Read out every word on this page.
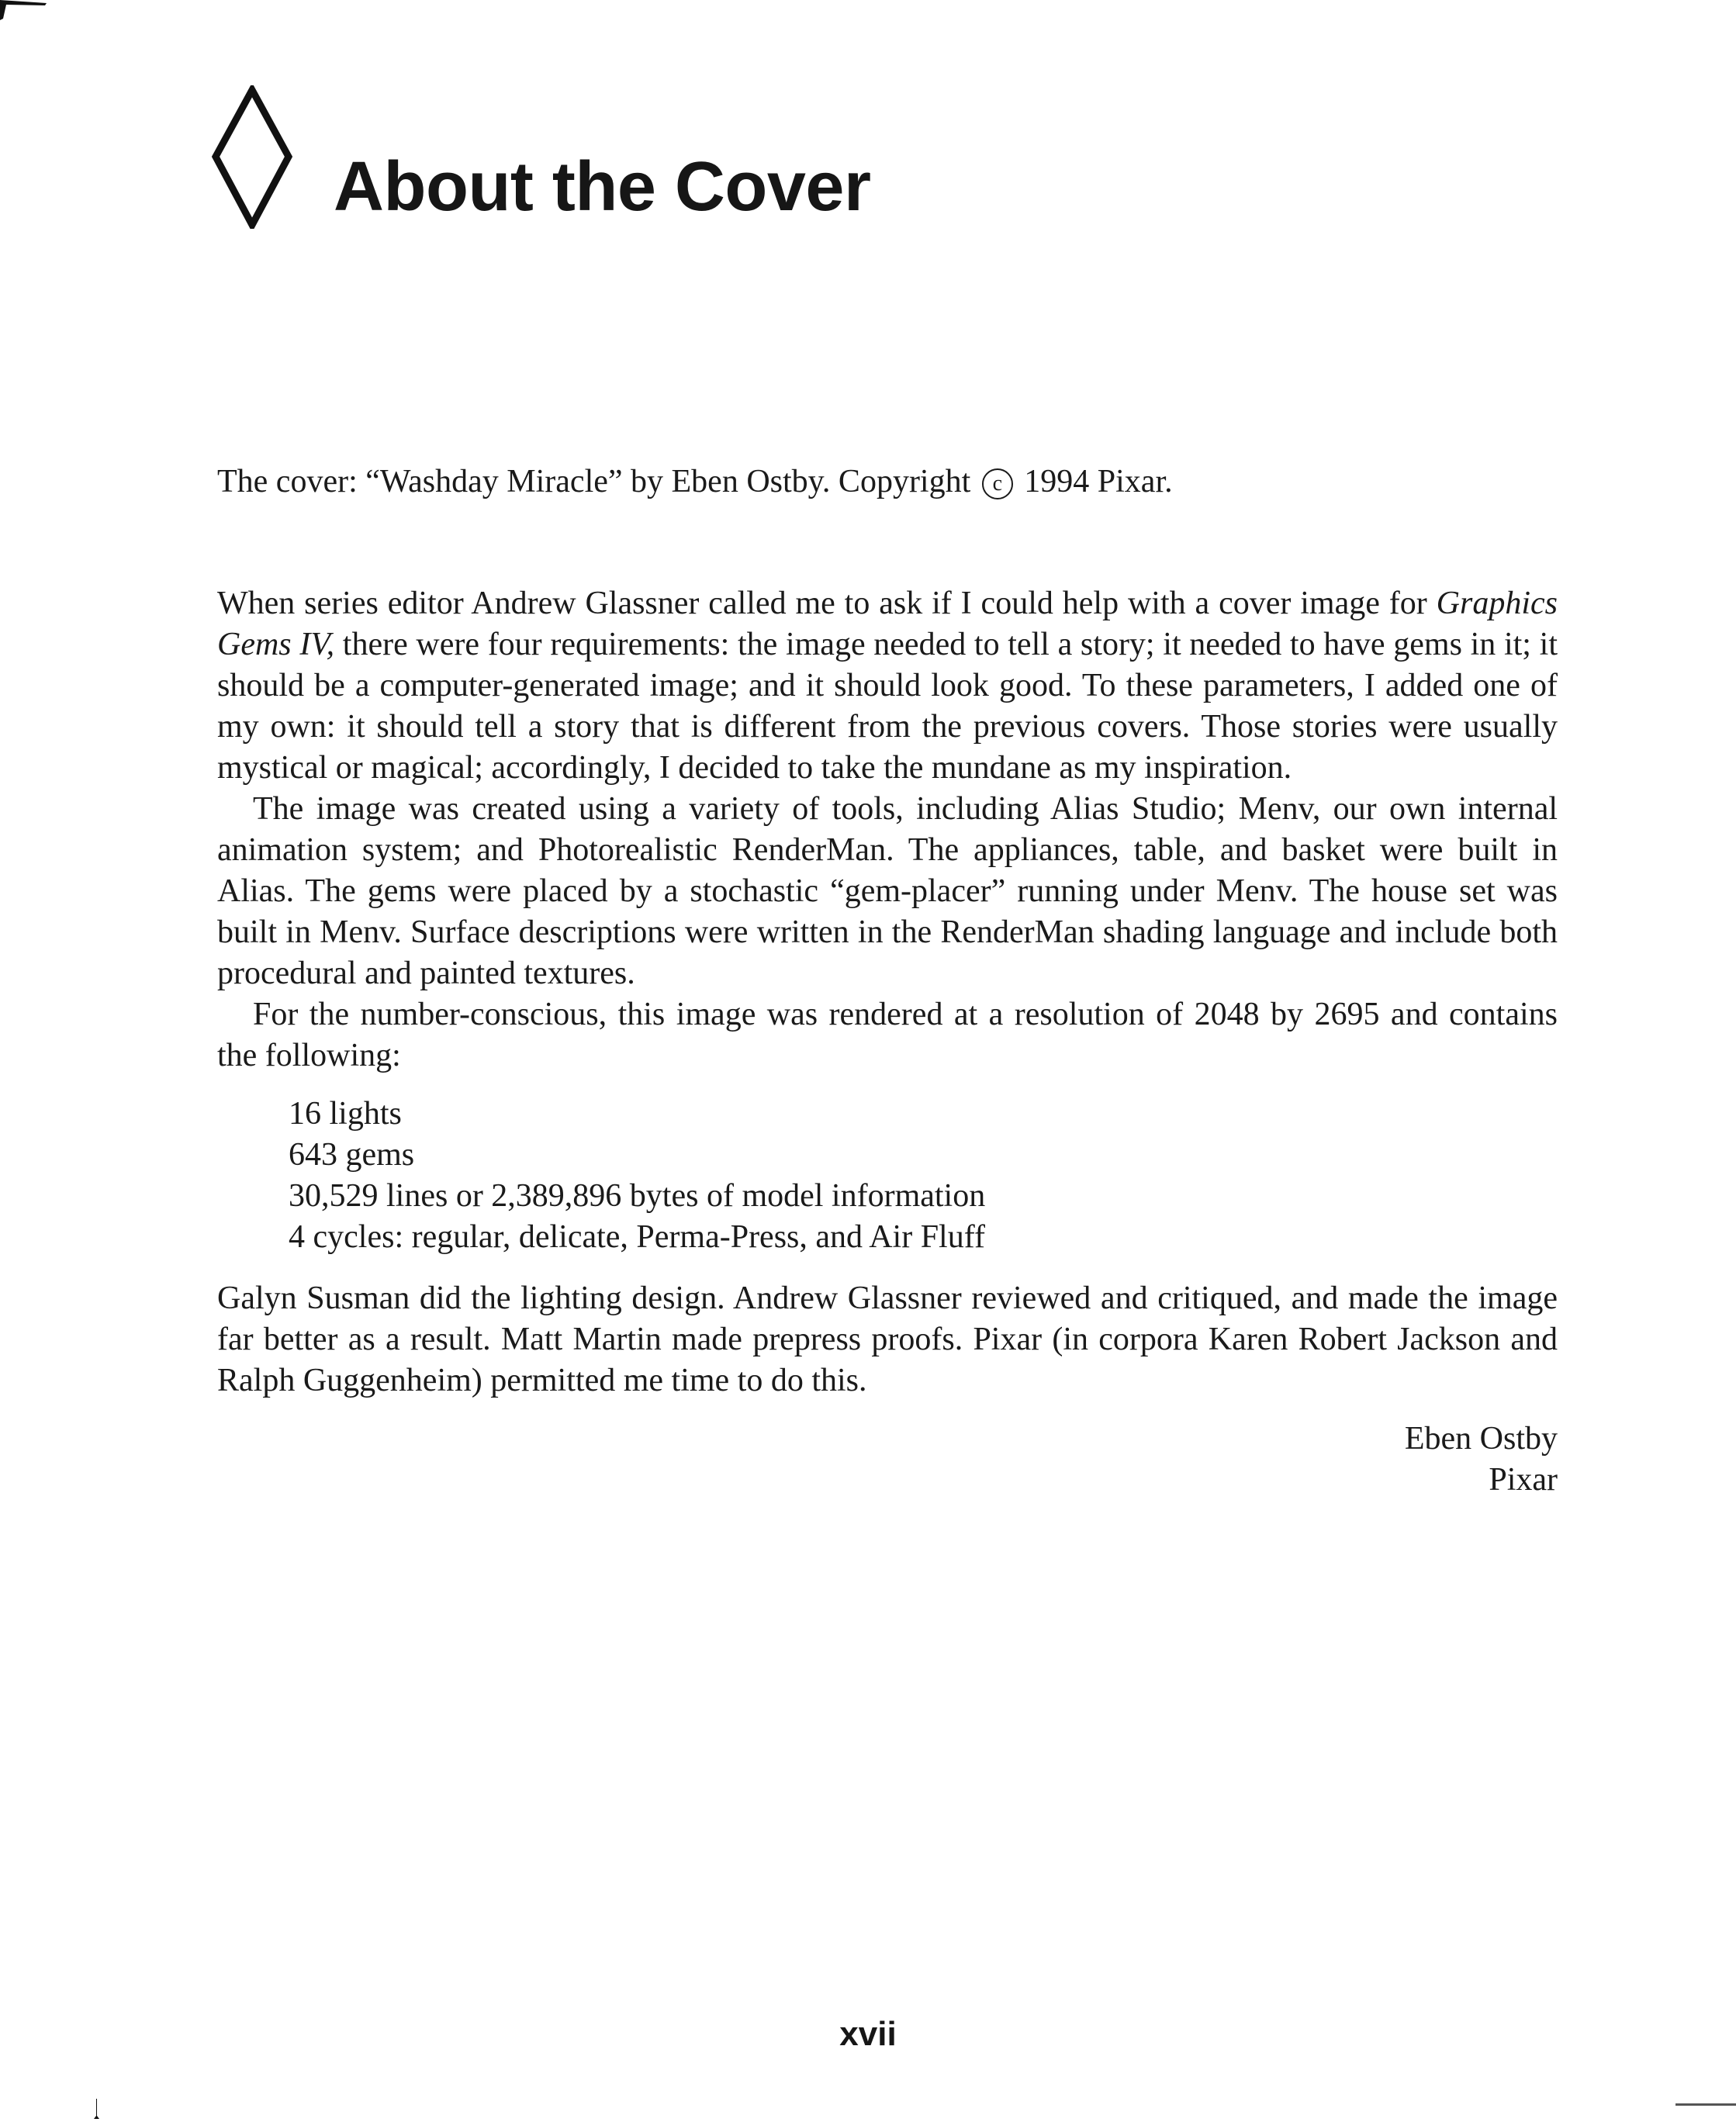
About the Cover

The cover: “Washday Miracle” by Eben Ostby. Copyright c 1994 Pixar.

When series editor Andrew Glassner called me to ask if I could help with a cover image for Graphics Gems IV, there were four requirements: the image needed to tell a story; it needed to have gems in it; it should be a computer-generated image; and it should look good. To these parameters, I added one of my own: it should tell a story that is different from the previous covers. Those stories were usually mystical or magical; accordingly, I decided to take the mundane as my inspiration.

The image was created using a variety of tools, including Alias Studio; Menv, our own internal animation system; and Photorealistic RenderMan. The appliances, table, and basket were built in Alias. The gems were placed by a stochastic “gem-placer” running under Menv. The house set was built in Menv. Surface descriptions were written in the RenderMan shading language and include both procedural and painted textures.

For the number-conscious, this image was rendered at a resolution of 2048 by 2695 and contains the following:

16 lights
643 gems
30,529 lines or 2,389,896 bytes of model information
4 cycles: regular, delicate, Perma-Press, and Air Fluff

Galyn Susman did the lighting design. Andrew Glassner reviewed and critiqued, and made the image far better as a result. Matt Martin made prepress proofs. Pixar (in corpora Karen Robert Jackson and Ralph Guggenheim) permitted me time to do this.

Eben Ostby
Pixar

xvii
